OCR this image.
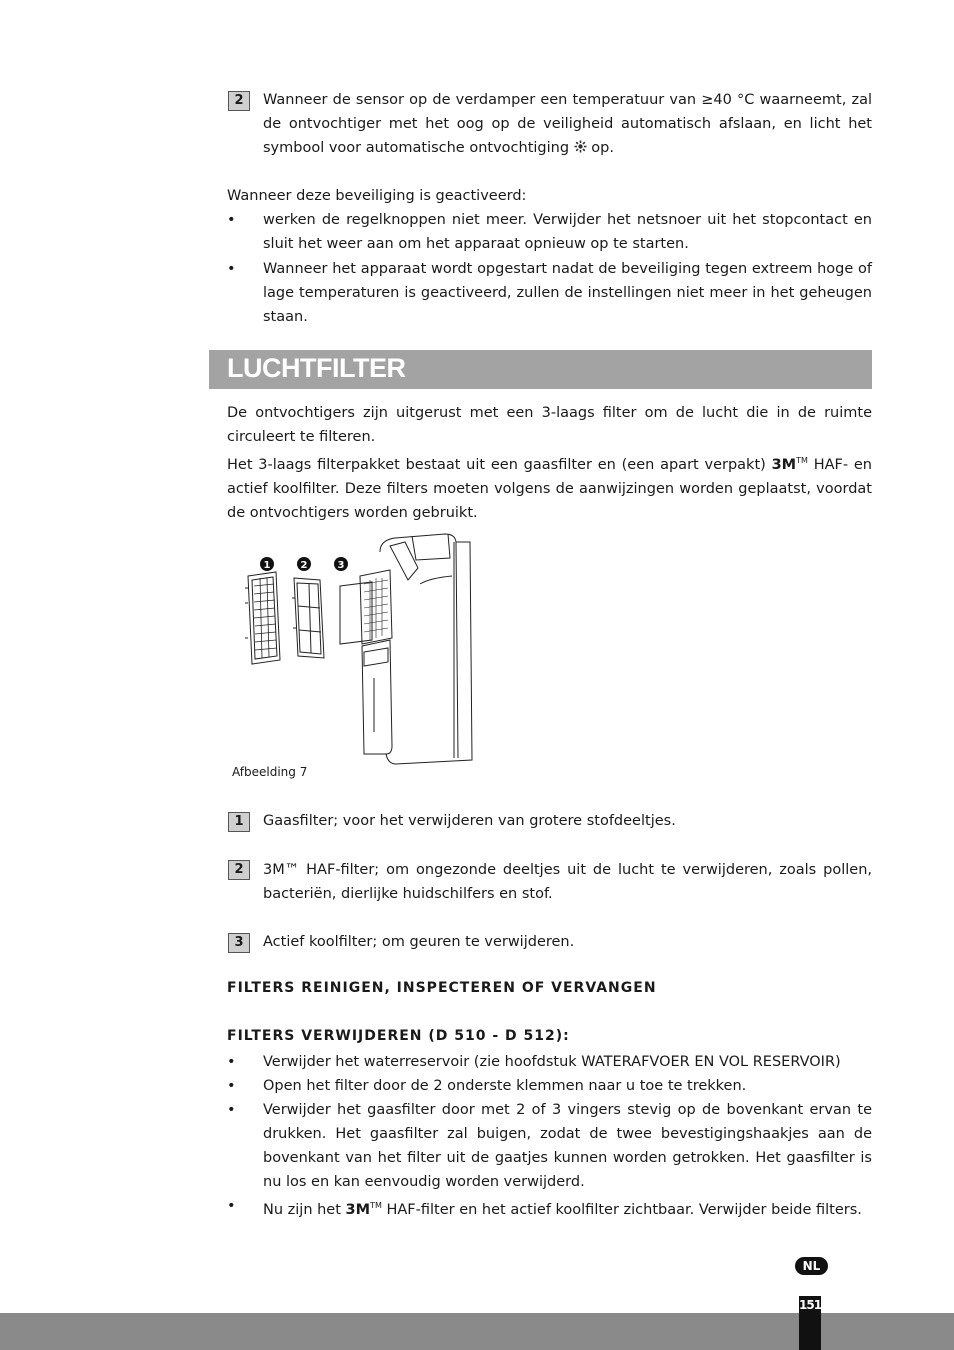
2	Wanneer de sensor op de verdamper een temperatuur van ≥40 °C waarneemt, zal de ontvochtiger met het oog op de veiligheid automatisch afslaan, en licht het symbool voor automatische ontvochtiging  op.
Wanneer deze beveiliging is geactiveerd:
• werken de regelknoppen niet meer. Verwijder het netsnoer uit het stopcontact en sluit het weer aan om het apparaat opnieuw op te starten.
• Wanneer het apparaat wordt opgestart nadat de beveiliging tegen extreem hoge of lage temperaturen is geactiveerd, zullen de instellingen niet meer in het geheugen staan.
LUCHTFILTER
De ontvochtigers zijn uitgerust met een 3-laags filter om de lucht die in de ruimte circuleert te filteren.
Het 3-laags filterpakket bestaat uit een gaasfilter en (een apart verpakt) 3M™ HAF- en actief koolfilter. Deze filters moeten volgens de aanwijzingen worden geplaatst, voordat de ontvochtigers worden gebruikt.
1	2	3
Afbeelding 7
1	Gaasfilter; voor het verwijderen van grotere stofdeeltjes.
2	3M™ HAF-filter; om ongezonde deeltjes uit de lucht te verwijderen, zoals pollen, bacteriën, dierlijke huidschilfers en stof.
3	Actief koolfilter; om geuren te verwijderen.
FILTERS REINIGEN, INSPECTEREN OF VERVANGEN
FILTERS VERWIJDEREN (D 510 - D 512):
• Verwijder het waterreservoir (zie hoofdstuk WATERAFVOER EN VOL RESERVOIR)
• Open het filter door de 2 onderste klemmen naar u toe te trekken.
• Verwijder het gaasfilter door met 2 of 3 vingers stevig op de bovenkant ervan te drukken. Het gaasfilter zal buigen, zodat de twee bevestigingshaakjes aan de bovenkant van het filter uit de gaatjes kunnen worden getrokken. Het gaasfilter is nu los en kan eenvoudig worden verwijderd.
• Nu zijn het 3M™ HAF-filter en het actief koolfilter zichtbaar. Verwijder beide filters.
NL
151
